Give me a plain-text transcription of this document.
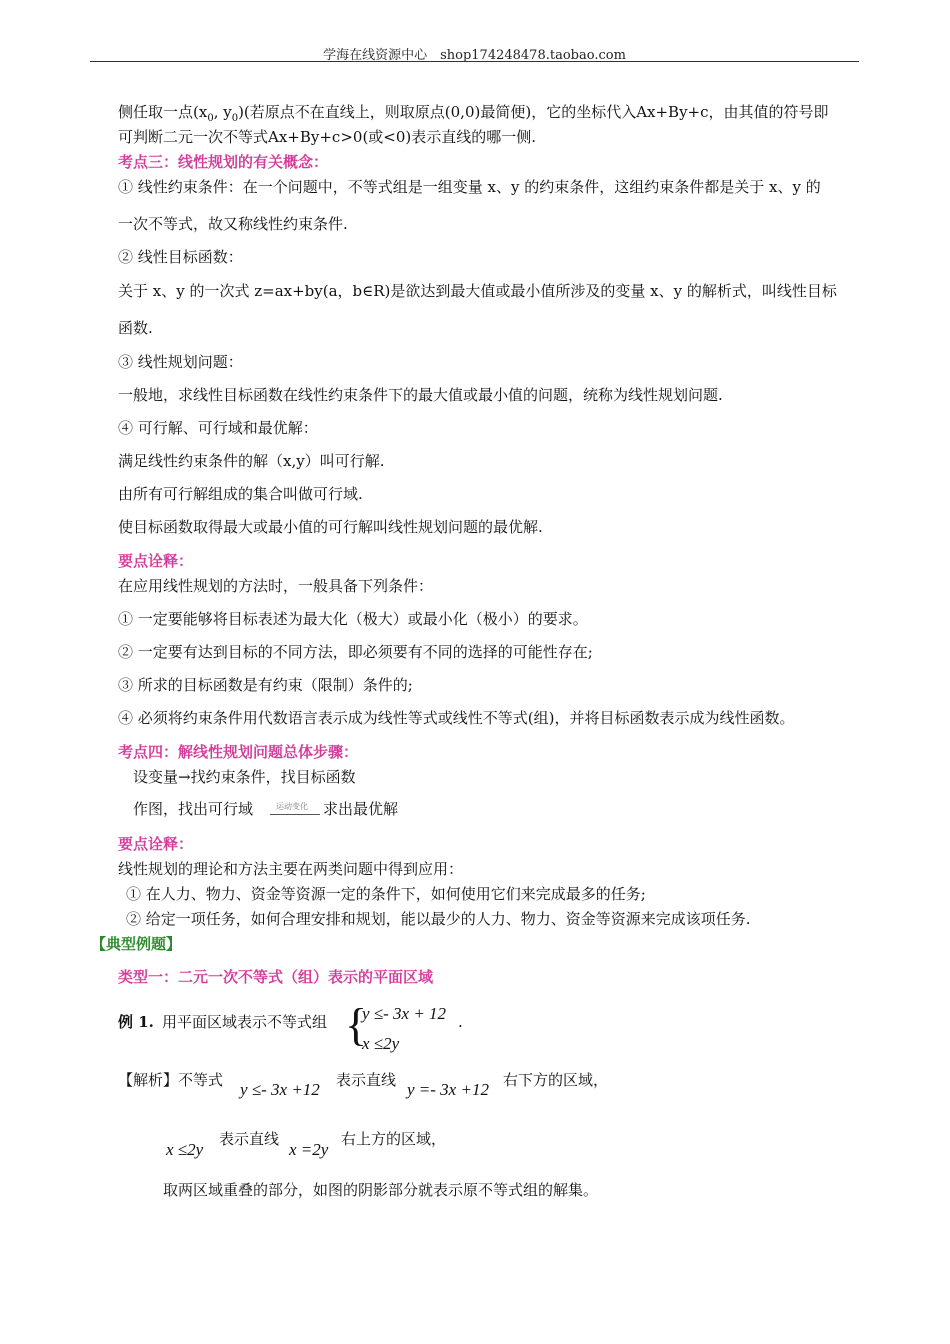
学海在线资源中心　shop174248478.taobao.com
侧任取一点($x_0$, $y_0$)(若原点不在直线上，则取原点(0,0)最简便)，它的坐标代入Ax+By+c，由其值的符号即
可判断二元一次不等式Ax+By+c>0(或<0)表示直线的哪一侧.
考点三：线性规划的有关概念：
① 线性约束条件：在一个问题中，不等式组是一组变量 x、y 的约束条件，这组约束条件都是关于 x、y 的
一次不等式，故又称线性约束条件.
② 线性目标函数：
关于 x、y 的一次式 z=ax+by(a，b∈R)是欲达到最大值或最小值所涉及的变量 x、y 的解析式，叫线性目标
函数.
③ 线性规划问题：
一般地，求线性目标函数在线性约束条件下的最大值或最小值的问题，统称为线性规划问题.
④ 可行解、可行域和最优解：
满足线性约束条件的解（x,y）叫可行解.
由所有可行解组成的集合叫做可行域.
使目标函数取得最大或最小值的可行解叫线性规划问题的最优解.
要点诠释：
在应用线性规划的方法时，一般具备下列条件：
① 一定要能够将目标表述为最大化（极大）或最小化（极小）的要求。
② 一定要有达到目标的不同方法，即必须要有不同的选择的可能性存在;
③ 所求的目标函数是有约束（限制）条件的;
④ 必须将约束条件用代数语言表示成为线性等式或线性不等式(组)，并将目标函数表示成为线性函数。
考点四：解线性规划问题总体步骤：
设变量→找约束条件，找目标函数
作图，找出可行域	运动变化 求出最优解
要点诠释：
线性规划的理论和方法主要在两类问题中得到应用：
① 在人力、物力、资金等资源一定的条件下，如何使用它们来完成最多的任务;
② 给定一项任务，如何合理安排和规划，能以最少的人力、物力、资金等资源来完成该项任务.
【典型例题】
类型一：二元一次不等式（组）表示的平面区域
例 1. 用平面区域表示不等式组 {
y ≤- 3x + 12
x ≤2y
.
【解析】不等式 y ≤- 3x +12 表示直线 y =- 3x +12 右下方的区域，
x ≤2y
表示直线
x =2y
右上方的区域，
取两区域重叠的部分，如图的阴影部分就表示原不等式组的解集。
